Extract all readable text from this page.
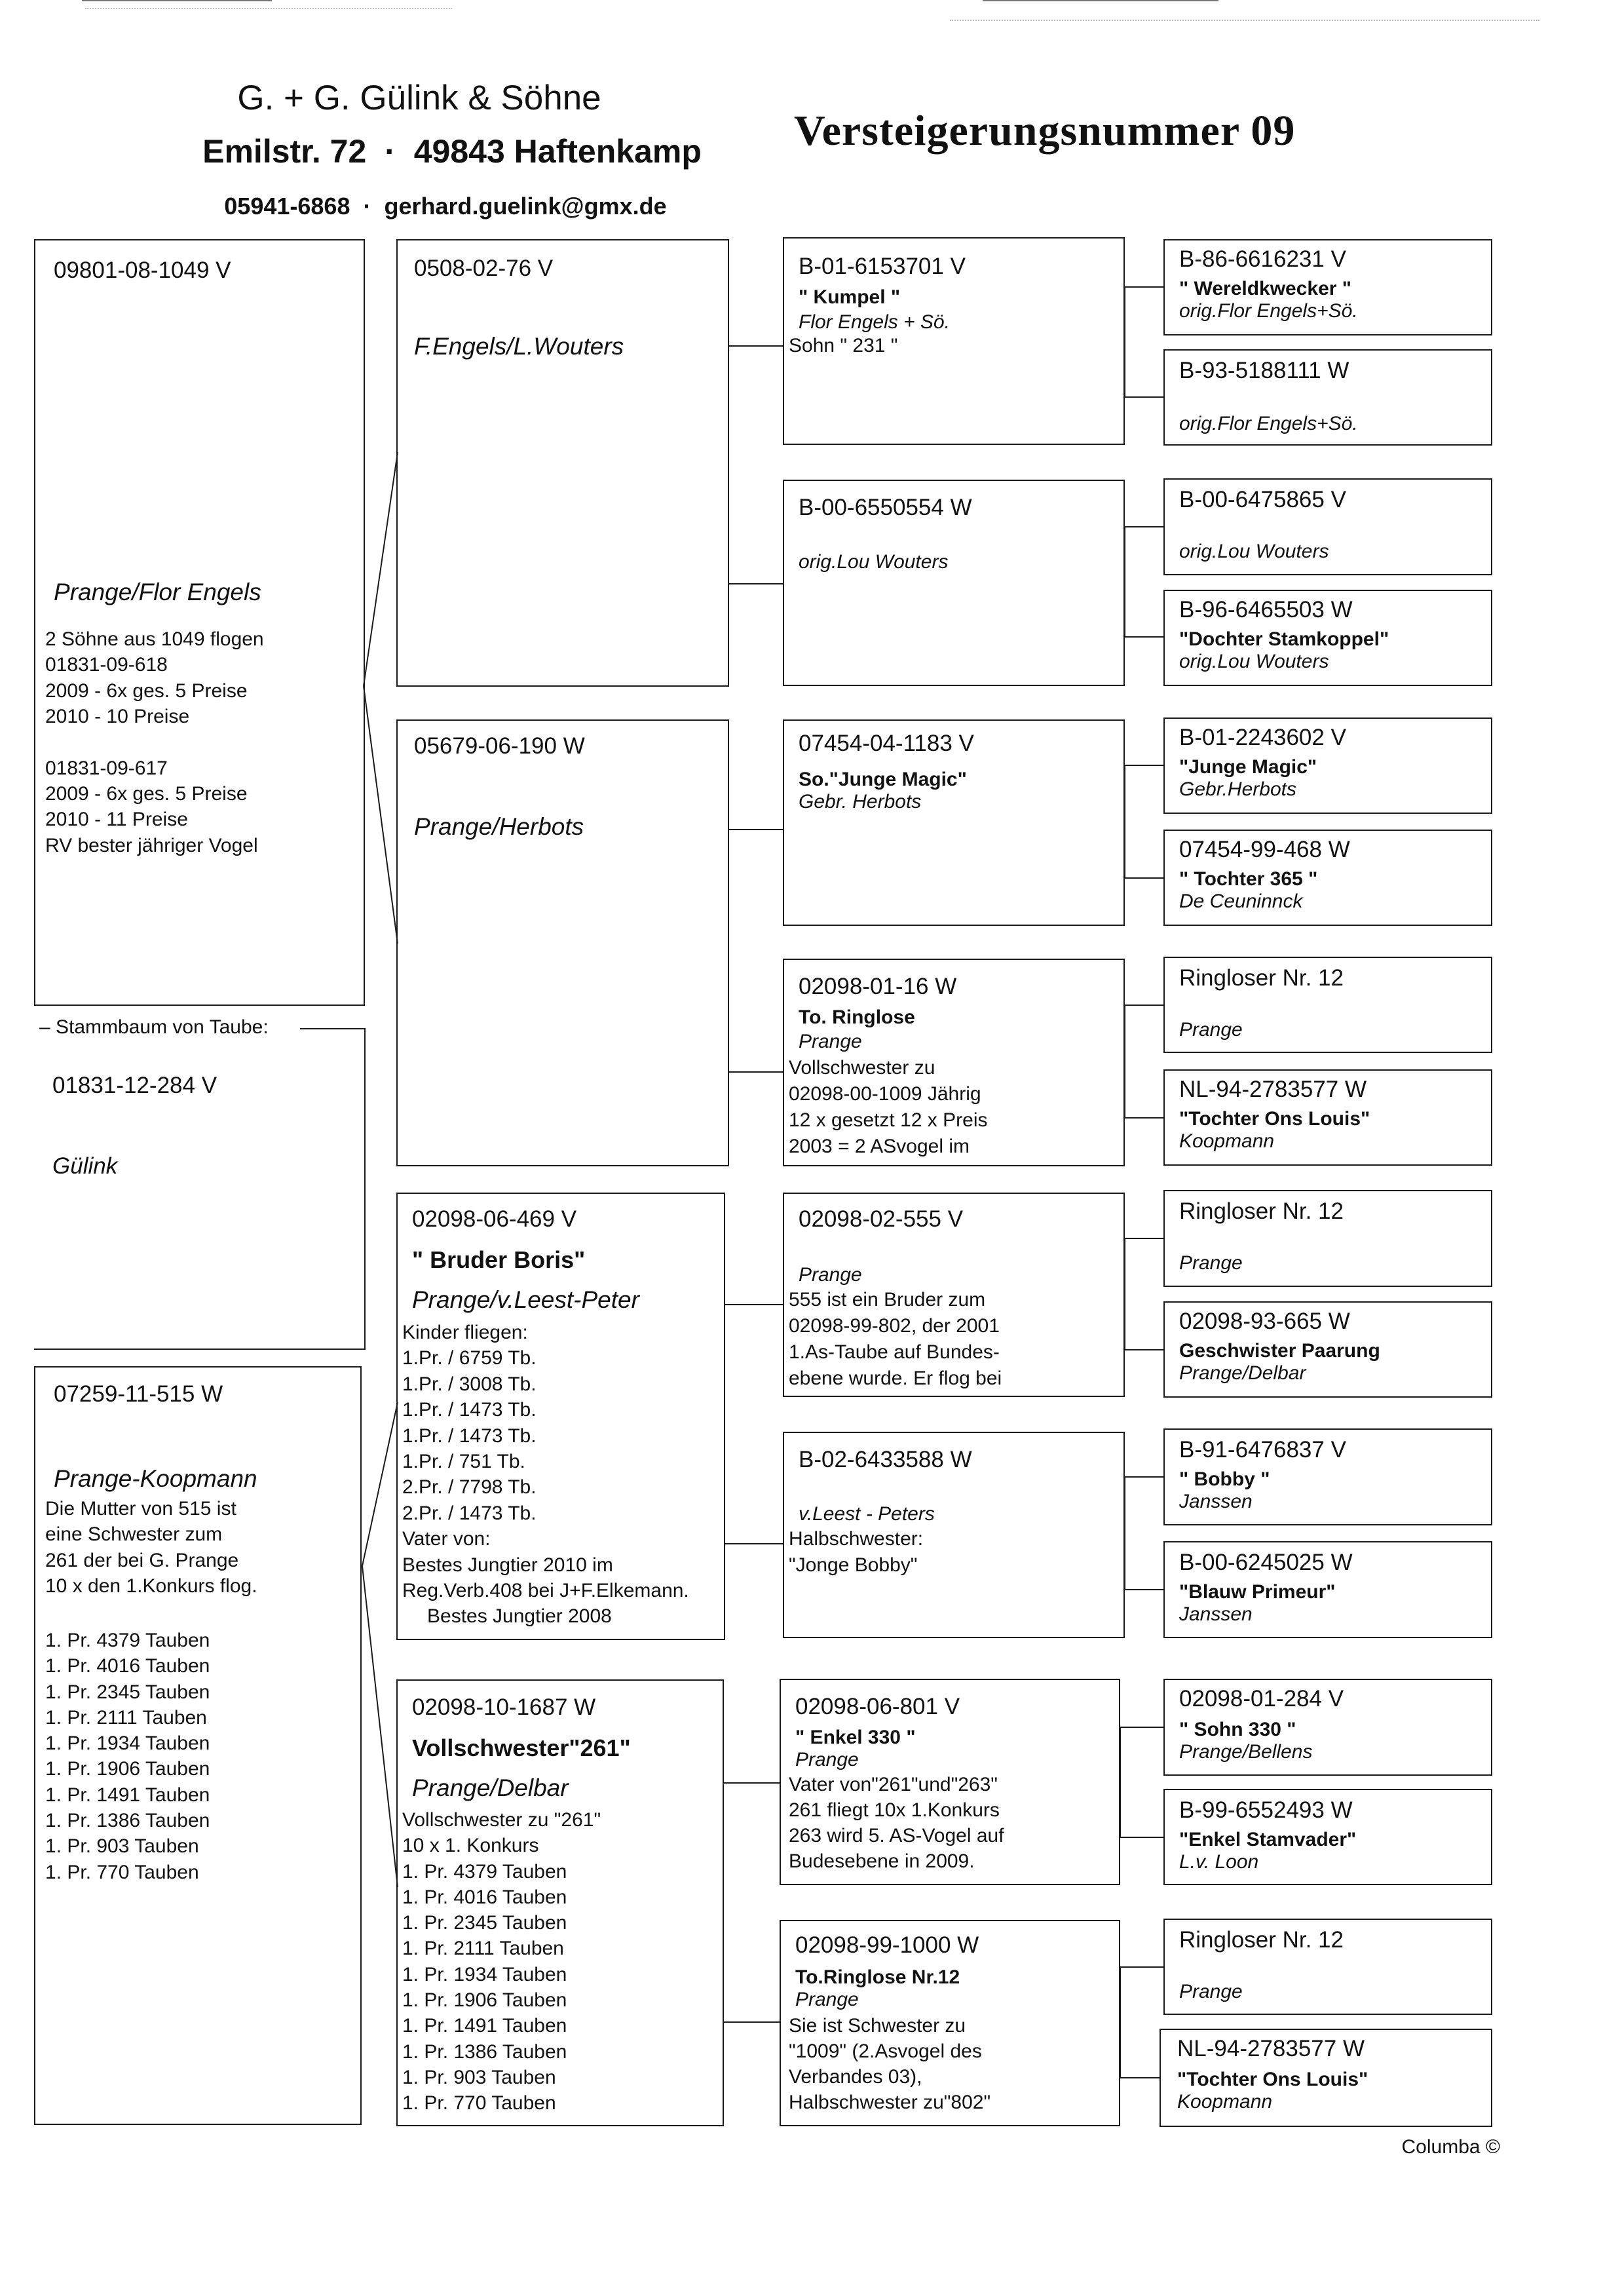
G. + G. Gülink & Söhne
Emilstr. 72 · 49843 Haftenkamp
05941-6868 · gerhard.guelink@gmx.de
Versteigerungsnummer 09
09801-08-1049 V
Prange/Flor Engels
2 Söhne aus 1049 flogen
01831-09-618
2009 - 6x ges. 5 Preise
2010 - 10 Preise
01831-09-617
2009 - 6x ges. 5 Preise
2010 - 11 Preise
RV bester jähriger Vogel
– Stammbaum von Taube:
01831-12-284 V
Gülink
07259-11-515 W
Prange-Koopmann
Die Mutter von 515 ist
eine Schwester zum
261 der bei G. Prange
10 x den 1.Konkurs flog.
1. Pr. 4379 Tauben
1. Pr. 4016 Tauben
1. Pr. 2345 Tauben
1. Pr. 2111 Tauben
1. Pr. 1934 Tauben
1. Pr. 1906 Tauben
1. Pr. 1491 Tauben
1. Pr. 1386 Tauben
1. Pr. 903 Tauben
1. Pr. 770 Tauben
0508-02-76 V
F.Engels/L.Wouters
05679-06-190 W
Prange/Herbots
02098-06-469 V
" Bruder Boris"
Prange/v.Leest-Peter
Kinder fliegen:
1.Pr. / 6759 Tb.
1.Pr. / 3008 Tb.
1.Pr. / 1473 Tb.
1.Pr. / 1473 Tb.
1.Pr. / 751 Tb.
2.Pr. / 7798 Tb.
2.Pr. / 1473 Tb.
Vater von:
Bestes Jungtier 2010 im
Reg.Verb.408 bei J+F.Elkemann.
Bestes Jungtier 2008
02098-10-1687 W
Vollschwester"261"
Prange/Delbar
Vollschwester zu "261"
10 x 1. Konkurs
1. Pr. 4379 Tauben
1. Pr. 4016 Tauben
1. Pr. 2345 Tauben
1. Pr. 2111 Tauben
1. Pr. 1934 Tauben
1. Pr. 1906 Tauben
1. Pr. 1491 Tauben
1. Pr. 1386 Tauben
1. Pr. 903 Tauben
1. Pr. 770 Tauben
B-01-6153701 V
" Kumpel "
Flor Engels + Sö.
Sohn " 231 "
B-00-6550554 W
orig.Lou Wouters
07454-04-1183 V
So."Junge Magic"
Gebr. Herbots
02098-01-16 W
To. Ringlose
Prange
Vollschwester zu
02098-00-1009 Jährig
12 x gesetzt 12 x Preis
2003 = 2 ASvogel im
02098-02-555 V
Prange
555 ist ein Bruder zum
02098-99-802, der 2001
1.As-Taube auf Bundes-
ebene wurde. Er flog bei
B-02-6433588 W
v.Leest - Peters
Halbschwester:
"Jonge Bobby"
02098-06-801 V
" Enkel 330 "
Prange
Vater von"261"und"263"
261 fliegt 10x 1.Konkurs
263 wird 5. AS-Vogel auf
Budesebene in 2009.
02098-99-1000 W
To.Ringlose Nr.12
Prange
Sie ist Schwester zu
"1009" (2.Asvogel des
Verbandes 03),
Halbschwester zu"802"
B-86-6616231 V
" Wereldkwecker "
orig.Flor Engels+Sö.
B-93-5188111 W
orig.Flor Engels+Sö.
B-00-6475865 V
orig.Lou Wouters
B-96-6465503 W
"Dochter Stamkoppel"
orig.Lou Wouters
B-01-2243602 V
"Junge Magic"
Gebr.Herbots
07454-99-468 W
" Tochter 365 "
De Ceuninnck
Ringloser Nr. 12
Prange
NL-94-2783577 W
"Tochter Ons Louis"
Koopmann
Ringloser Nr. 12
Prange
02098-93-665 W
Geschwister Paarung
Prange/Delbar
B-91-6476837 V
" Bobby "
Janssen
B-00-6245025 W
"Blauw Primeur"
Janssen
02098-01-284 V
" Sohn 330 "
Prange/Bellens
B-99-6552493 W
"Enkel Stamvader"
L.v. Loon
Ringloser Nr. 12
Prange
NL-94-2783577 W
"Tochter Ons Louis"
Koopmann
Columba ©
